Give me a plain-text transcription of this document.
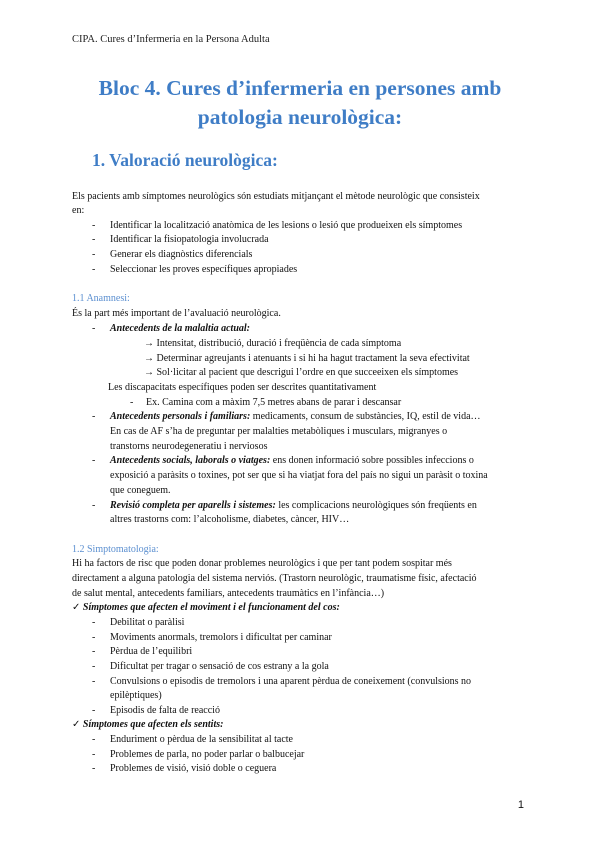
CIPA. Cures d’Infermeria en la Persona Adulta
Bloc 4. Cures d’infermeria en persones amb
patologia neurològica:
1. Valoració neurològica:
Els pacients amb símptomes neurològics són estudiats mitjançant el mètode neurològic que consisteix
en:
- Identificar la localització anatòmica de les lesions o lesió que produeixen els símptomes
- Identificar la fisiopatologia involucrada
- Generar els diagnòstics diferencials
- Seleccionar les proves específiques apropiades
1.1 Anamnesi:
És la part més important de l’avaluació neurològica.
- Antecedents de la malaltia actual:
→ Intensitat, distribució, duració i freqüència de cada símptoma
→ Determinar agreujants i atenuants i si hi ha hagut tractament la seva efectivitat
→ Sol·licitar al pacient que descrigui l’ordre en que succeeixen els símptomes
Les discapacitats específiques poden ser descrites quantitativament
- Ex. Camina com a màxim 7,5 metres abans de parar i descansar
- Antecedents personals i familiars: medicaments, consum de substàncies, IQ, estil de vida…
En cas de AF s’ha de preguntar per malalties metabòliques i musculars, migranyes o
transtorns neurodegeneratiu i nerviosos
- Antecedents socials, laborals o viatges: ens donen informació sobre possibles infeccions o
exposició a paràsits o toxines, pot ser que si ha viatjat fora del país no sigui un paràsit o toxina
que coneguem.
- Revisió completa per aparells i sistemes: les complicacions neurològiques són freqüents en
altres trastorns com: l’alcoholisme, diabetes, càncer, HIV…
1.2 Simptomatologia:
Hi ha factors de risc que poden donar problemes neurològics i que per tant podem sospitar més
directament a alguna patologia del sistema nerviós. (Trastorn neurològic, traumatisme físic, afectació
de salut mental, antecedents familiars, antecedents traumàtics en l’infància…)
✓ Símptomes que afecten el moviment i el funcionament del cos:
- Debilitat o paràlisi
- Moviments anormals, tremolors i dificultat per caminar
- Pèrdua de l’equilibri
- Dificultat per tragar o sensació de cos estrany a la gola
- Convulsions o episodis de tremolors i una aparent pèrdua de coneixement (convulsions no
epilèptiques)
- Episodis de falta de reacció
✓ Símptomes que afecten els sentits:
- Enduriment o pèrdua de la sensibilitat al tacte
- Problemes de parla, no poder parlar o balbucejar
- Problemes de visió, visió doble o ceguera
1
